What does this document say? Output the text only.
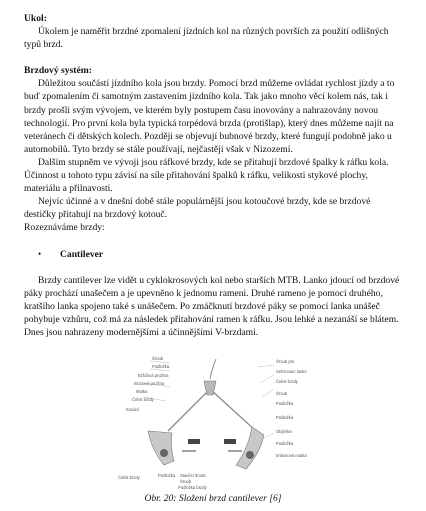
Ukol:

Úkolem je naměřit brzdné zpomalení jízdních kol na různých površích za použití odlišných typů brzd.

Brzdový systém:

Důležitou součástí jízdního kola jsou brzdy. Pomocí brzd můžeme ovládat rychlost jízdy a to buď zpomalením či samotným zastavením jízdního kola. Tak jako mnoho věcí kolem nás, tak i brzdy prošli svým vývojem, ve kterém byly postupem času inovovány a nahrazovány novou technologií. Pro první kola byla typická torpédová brzda (protišlap), který dnes můžeme najít na veteránech či dětských kolech. Později se objevují bubnové brzdy, které fungují podobně jako u automobilů. Tyto brzdy se stále používají, nejčastěji však v Nizozemí.

Dalším stupněm ve vývoji jsou ráfkové brzdy, kde se přitahují brzdové špalky k ráfku kola. Účinnost u tohoto typu závisí na síle přitahování špalků k ráfku, velikosti stykové plochy, materiálu a přilnavosti.

Nejvíc účinné a v dnešní době stále populárnější jsou kotoučové brzdy, kde se brzdové destičky přitahují na brzdový kotouč.

Rozeznáváme brzdy:

•	Cantilever

Brzdy cantilever lze vidět u cyklokrosových kol nebo starších MTB. Lanko jdoucí od brzdové páky prochází unašečem a je upevněno k jednomu rameni. Druhé rameno je pomocí druhého, kratšího lanka spojeno také s unášečem. Po zmáčknutí brzdové páky se pomocí lanka unášeč pohybuje vzhůru, což má za následek přitahování ramen k ráfku. Jsou lehké a nezanáší se blátem. Dnes jsou nahrazeny modernějšími a účinnějšími V-brzdami.

Šroub
Podložka
Bržďová pružina
Brzdová pružina
Matka
Čelist brzdy
Kování
Čelist brzdy	Podložka Stavěcí šroub
Šroub
Podložka brzdy
Šroub pro
Seřizovací lanko
Čelist brzdy
Šroub
Podložka
Podložka
Objímka
Podložka
Imbusová matka
Obr. 20: Složení brzd cantilever [6]
